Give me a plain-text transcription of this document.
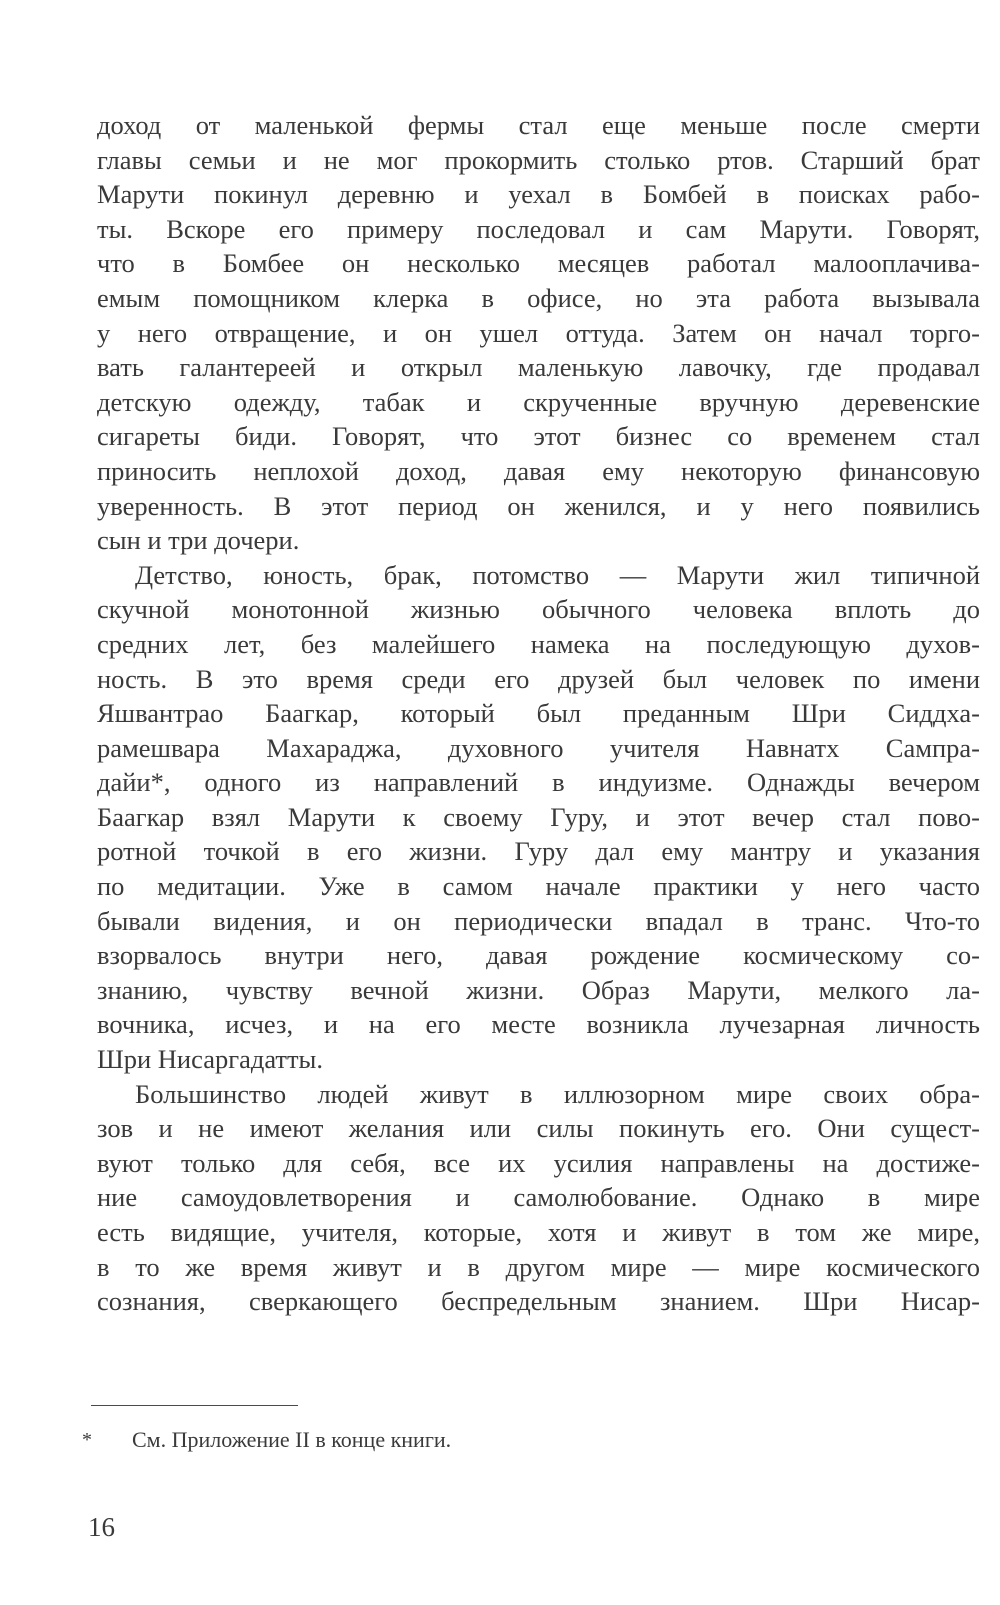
доход от маленькой фермы стал еще меньше после смерти
главы семьи и не мог прокормить столько ртов. Старший брат
Марути покинул деревню и уехал в Бомбей в поисках рабо-
ты. Вскоре его примеру последовал и сам Марути. Говорят,
что в Бомбее он несколько месяцев работал малооплачива-
емым помощником клерка в офисе, но эта работа вызывала
у него отвращение, и он ушел оттуда. Затем он начал торго-
вать галантереей и открыл маленькую лавочку, где продавал
детскую одежду, табак и скрученные вручную деревенские
сигареты биди. Говорят, что этот бизнес со временем стал
приносить неплохой доход, давая ему некоторую финансовую
уверенность. В этот период он женился, и у него появились
сын и три дочери.
Детство, юность, брак, потомство — Марути жил типичной
скучной монотонной жизнью обычного человека вплоть до
средних лет, без малейшего намека на последующую духов-
ность. В это время среди его друзей был человек по имени
Яшвантрао Баагкар, который был преданным Шри Сиддха-
рамешвара Махараджа, духовного учителя Навнатх Сампра-
дайи*, одного из направлений в индуизме. Однажды вечером
Баагкар взял Марути к своему Гуру, и этот вечер стал пово-
ротной точкой в его жизни. Гуру дал ему мантру и указания
по медитации. Уже в самом начале практики у него часто
бывали видения, и он периодически впадал в транс. Что-то
взорвалось внутри него, давая рождение космическому со-
знанию, чувству вечной жизни. Образ Марути, мелкого ла-
вочника, исчез, и на его месте возникла лучезарная личность
Шри Нисаргадатты.
Большинство людей живут в иллюзорном мире своих обра-
зов и не имеют желания или силы покинуть его. Они сущест-
вуют только для себя, все их усилия направлены на достиже-
ние самоудовлетворения и самолюбование. Однако в мире
есть видящие, учителя, которые, хотя и живут в том же мире,
в то же время живут и в другом мире — мире космического
сознания, сверкающего беспредельным знанием. Шри Нисар-
* См. Приложение II в конце книги.
16
